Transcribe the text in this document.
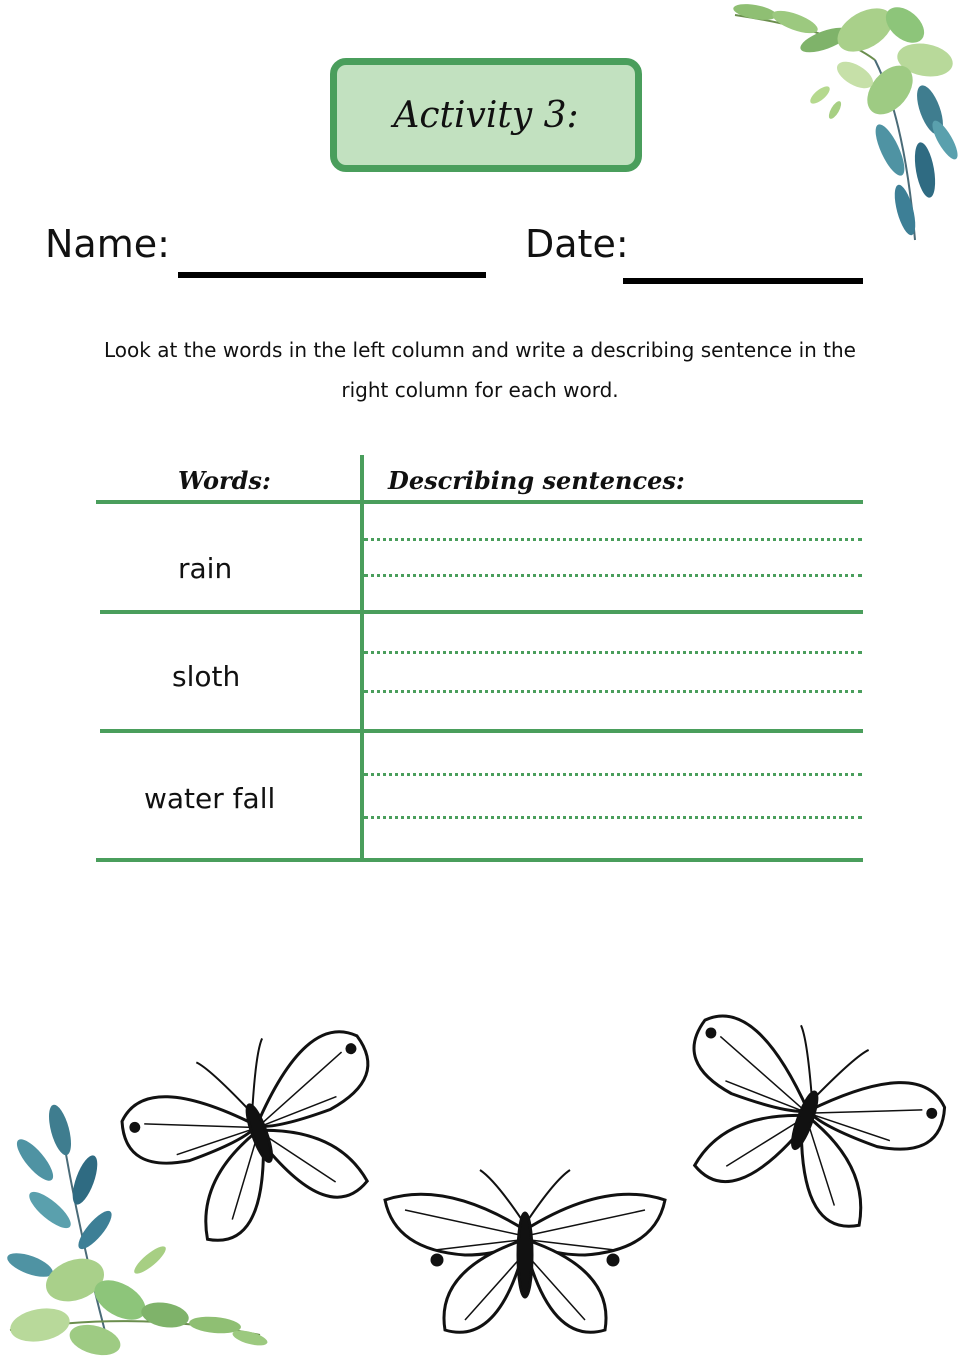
Activity 3:
Name:	Date:
Look at the words in the left column and write a describing sentence in the right column for each word.
Words:	Describing sentences:
rain
sloth
water fall
